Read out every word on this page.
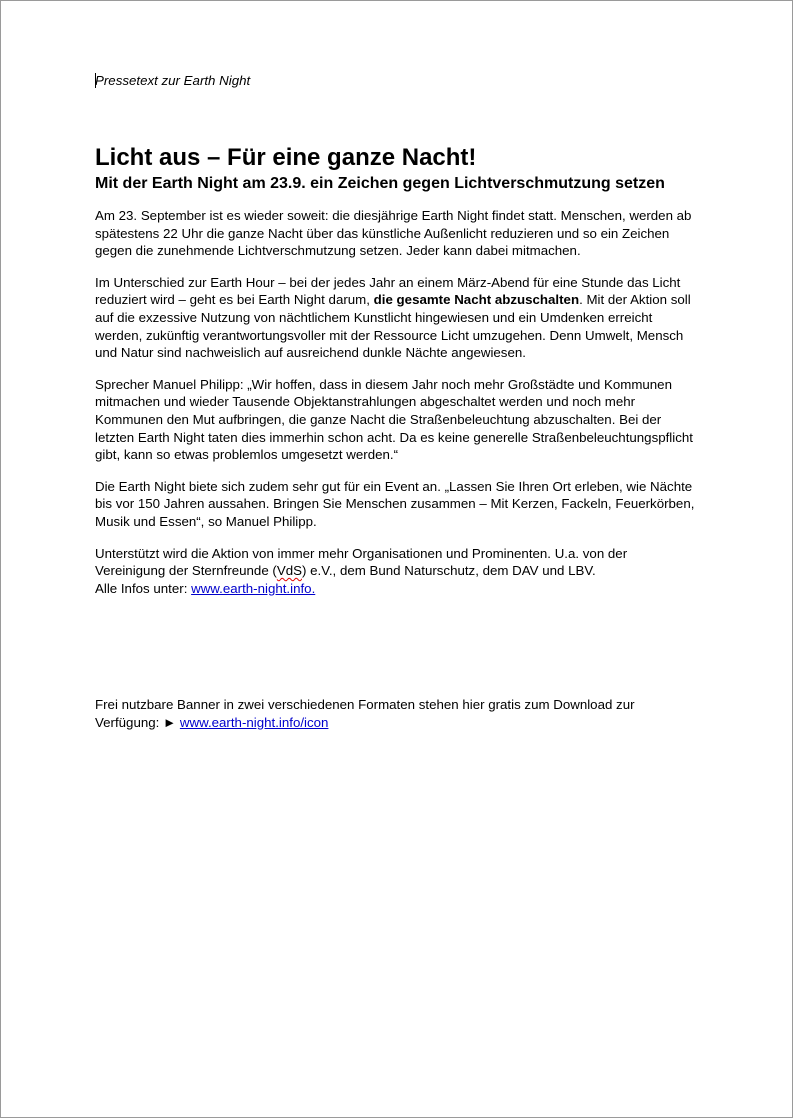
Pressetext zur Earth Night

Licht aus – Für eine ganze Nacht!
Mit der Earth Night am 23.9. ein Zeichen gegen Lichtverschmutzung setzen

Am 23. September ist es wieder soweit: die diesjährige Earth Night findet statt. Menschen, werden ab spätestens 22 Uhr die ganze Nacht über das künstliche Außenlicht reduzieren und so ein Zeichen gegen die zunehmende Lichtverschmutzung setzen. Jeder kann dabei mitmachen.

Im Unterschied zur Earth Hour – bei der jedes Jahr an einem März-Abend für eine Stunde das Licht reduziert wird – geht es bei Earth Night darum, die gesamte Nacht abzuschalten. Mit der Aktion soll auf die exzessive Nutzung von nächtlichem Kunstlicht hingewiesen und ein Umdenken erreicht werden, zukünftig verantwortungsvoller mit der Ressource Licht umzugehen. Denn Umwelt, Mensch und Natur sind nachweislich auf ausreichend dunkle Nächte angewiesen.

Sprecher Manuel Philipp: „Wir hoffen, dass in diesem Jahr noch mehr Großstädte und Kommunen mitmachen und wieder Tausende Objektanstrahlungen abgeschaltet werden und noch mehr Kommunen den Mut aufbringen, die ganze Nacht die Straßenbeleuchtung abzuschalten. Bei der letzten Earth Night taten dies immerhin schon acht. Da es keine generelle Straßenbeleuchtungspflicht gibt, kann so etwas problemlos umgesetzt werden.“

Die Earth Night biete sich zudem sehr gut für ein Event an. „Lassen Sie Ihren Ort erleben, wie Nächte bis vor 150 Jahren aussahen. Bringen Sie Menschen zusammen – Mit Kerzen, Fackeln, Feuerkörben, Musik und Essen“, so Manuel Philipp.

Unterstützt wird die Aktion von immer mehr Organisationen und Prominenten. U.a. von der Vereinigung der Sternfreunde (VdS) e.V., dem Bund Naturschutz, dem DAV und LBV.
Alle Infos unter: www.earth-night.info.

Frei nutzbare Banner in zwei verschiedenen Formaten stehen hier gratis zum Download zur Verfügung: ► www.earth-night.info/icon
